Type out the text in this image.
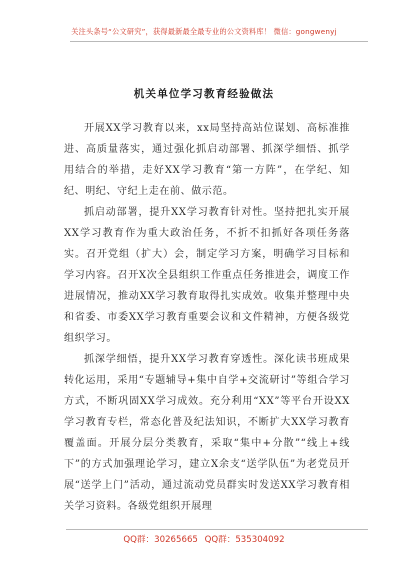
关注头条号“公文研究”，获得最新最全最专业的公文资料库！ 微信：gongwenyj
机关单位学习教育经验做法

开展XX学习教育以来，xx局坚持高站位谋划、高标准推进、高质量落实，通过强化抓启动部署、抓深学细悟、抓学用结合的举措，走好XX学习教育“第一方阵”，在学纪、知纪、明纪、守纪上走在前、做示范。

抓启动部署，提升XX学习教育针对性。坚持把扎实开展XX学习教育作为重大政治任务，不折不扣抓好各项任务落实。召开党组（扩大）会，制定学习方案，明确学习目标和学习内容。召开X次全县组织工作重点任务推进会，调度工作进展情况，推动XX学习教育取得扎实成效。收集并整理中央和省委、市委XX学习教育重要会议和文件精神，方便各级党组织学习。

抓深学细悟，提升XX学习教育穿透性。深化读书班成果转化运用，采用“专题辅导+集中自学+交流研讨”等组合学习方式，不断巩固XX学习成效。充分利用“XX”等平台开设XX学习教育专栏，常态化普及纪法知识，不断扩大XX学习教育覆盖面。开展分层分类教育，采取“集中+分散”“线上+线下”的方式加强理论学习，建立X余支“送学队伍”为老党员开展“送学上门”活动，通过流动党员群实时发送XX学习教育相关学习资料。各级党组织开展理

QQ群：30265665 QQ群：535304092
